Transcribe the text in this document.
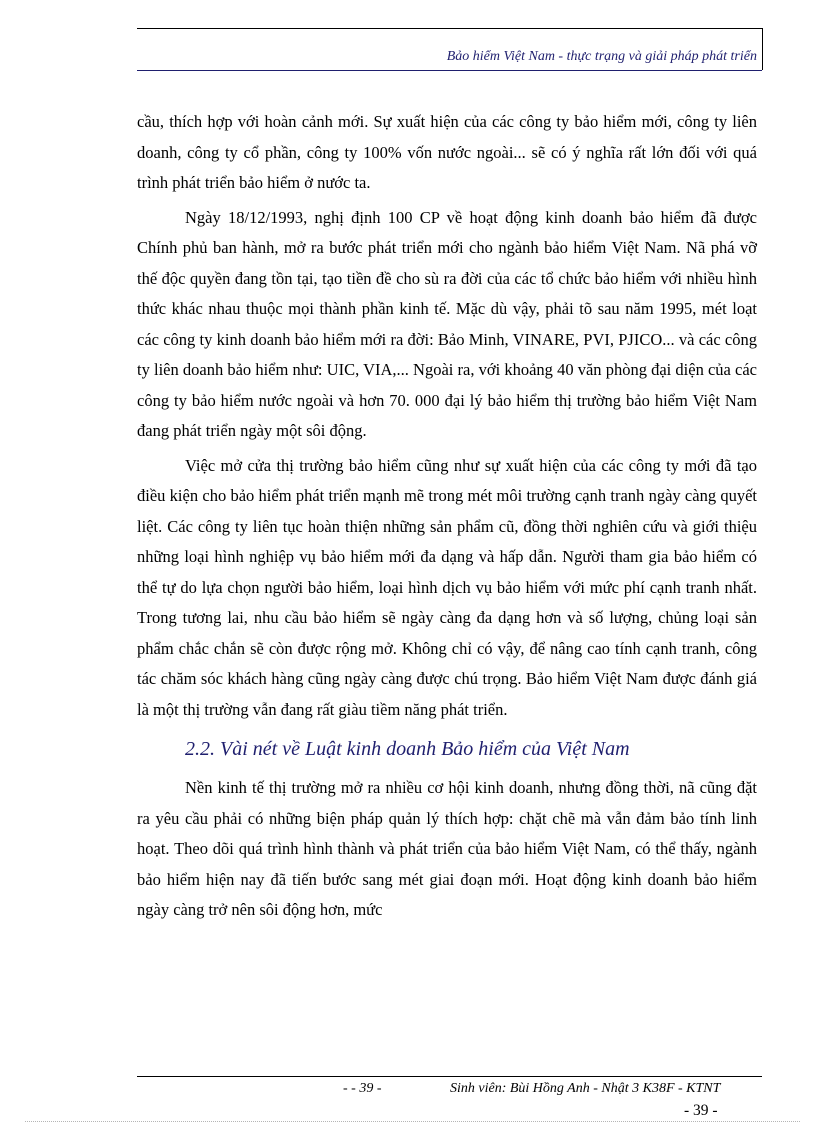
Bảo hiểm Việt Nam - thực trạng và giải pháp phát triển

cầu, thích hợp với hoàn cảnh mới. Sự xuất hiện của các công ty bảo hiểm mới, công ty liên doanh, công ty cổ phần, công ty 100% vốn nước ngoài... sẽ có ý nghĩa rất lớn đối với quá trình phát triển bảo hiểm ở nước ta.

Ngày 18/12/1993, nghị định 100 CP về hoạt động kinh doanh bảo hiểm đã được Chính phủ ban hành, mở ra bước phát triển mới cho ngành bảo hiểm Việt Nam. Nã phá vỡ thế độc quyền đang tồn tại, tạo tiền đề cho sù ra đời của các tổ chức bảo hiểm với nhiều hình thức khác nhau thuộc mọi thành phần kinh tế. Mặc dù vậy, phải tõ sau năm 1995, mét loạt các công ty kinh doanh bảo hiểm mới ra đời: Bảo Minh, VINARE, PVI, PJICO... và các công ty liên doanh bảo hiểm như: UIC, VIA,... Ngoài ra, với khoảng 40 văn phòng đại diện của các công ty bảo hiểm nước ngoài và hơn 70. 000 đại lý bảo hiểm thị trường bảo hiểm Việt Nam đang phát triển ngày một sôi động.

Việc mở cửa thị trường bảo hiểm cũng như sự xuất hiện của các công ty mới đã tạo điều kiện cho bảo hiểm phát triển mạnh mẽ trong mét môi trường cạnh tranh ngày càng quyết liệt. Các công ty liên tục hoàn thiện những sản phẩm cũ, đồng thời nghiên cứu và giới thiệu những loại hình nghiệp vụ bảo hiểm mới đa dạng và hấp dẫn. Người tham gia bảo hiểm có thể tự do lựa chọn người bảo hiểm, loại hình dịch vụ bảo hiểm với mức phí cạnh tranh nhất. Trong tương lai, nhu cầu bảo hiểm sẽ ngày càng đa dạng hơn và số lượng, chủng loại sản phẩm chắc chắn sẽ còn được rộng mở. Không chỉ có vậy, để nâng cao tính cạnh tranh, công tác chăm sóc khách hàng cũng ngày càng được chú trọng. Bảo hiểm Việt Nam được đánh giá là một thị trường vẫn đang rất giàu tiềm năng phát triển.

2.2. Vài nét về Luật kinh doanh Bảo hiểm của Việt Nam

Nền kinh tế thị trường mở ra nhiều cơ hội kinh doanh, nhưng đồng thời, nã cũng đặt ra yêu cầu phải có những biện pháp quản lý thích hợp: chặt chẽ mà vẫn đảm bảo tính linh hoạt. Theo dõi quá trình hình thành và phát triển của bảo hiểm Việt Nam, có thể thấy, ngành bảo hiểm hiện nay đã tiến bước sang mét giai đoạn mới. Hoạt động kinh doanh bảo hiểm ngày càng trở nên sôi động hơn, mức

- - 39 -	Sinh viên: Bùi Hồng Anh - Nhật 3 K38F - KTNT
- 39 -
